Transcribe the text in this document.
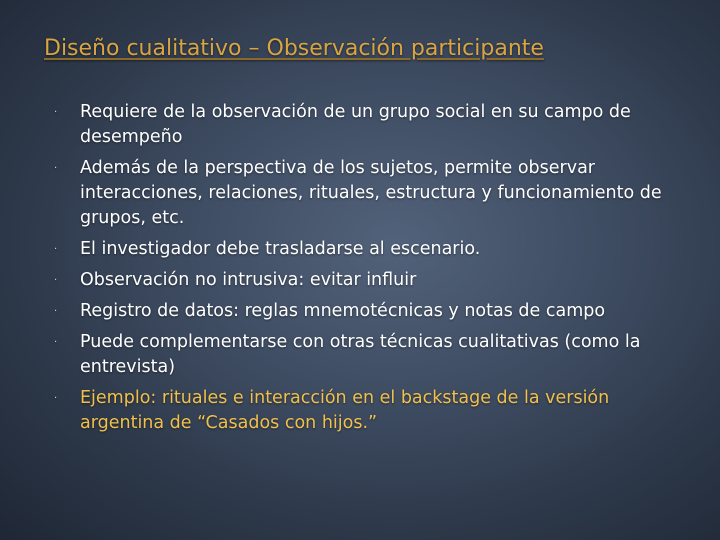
Diseño cualitativo – Observación participante
·	Requiere de la observación de un grupo social en su campo de desempeño
·	Además de la perspectiva de los sujetos, permite observar interacciones, relaciones, rituales, estructura y funcionamiento de grupos, etc.
·	El investigador debe trasladarse al escenario.
·	Observación no intrusiva: evitar influir
·	Registro de datos: reglas mnemotécnicas y notas de campo
·	Puede complementarse con otras técnicas cualitativas (como la entrevista)
·	Ejemplo: rituales e interacción en el backstage de la versión argentina de “Casados con hijos.”
